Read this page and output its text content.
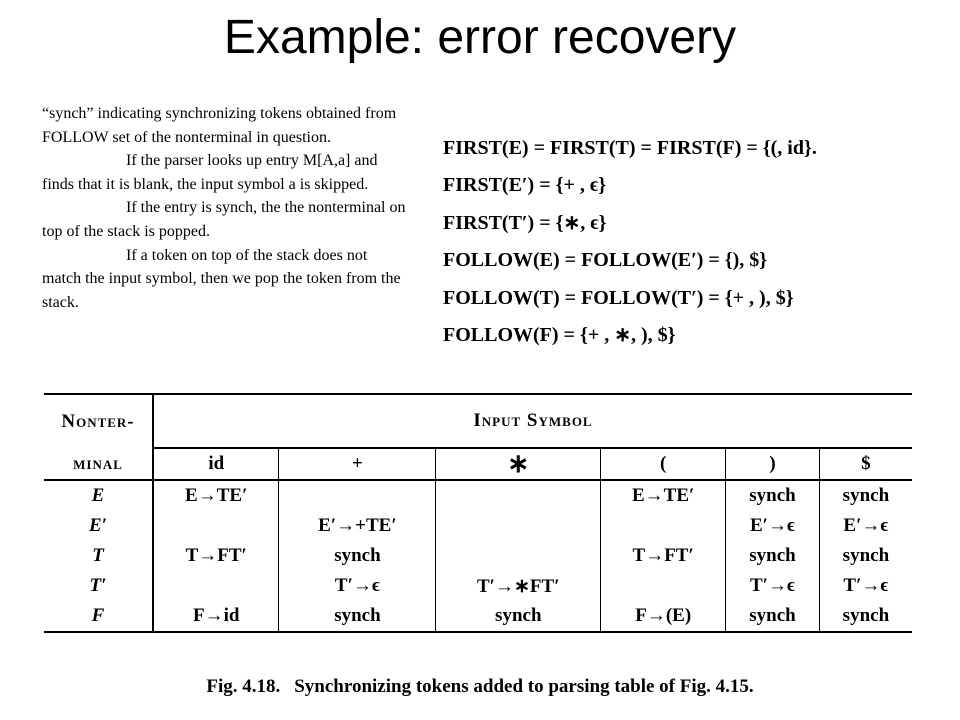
Example: error recovery

“synch” indicating synchronizing tokens obtained from FOLLOW set of the nonterminal in question.

If the parser looks up entry M[A,a] and finds that it is blank, the input symbol a is skipped.

If the entry is synch, the the nonterminal on top of the stack is popped.

If a token on top of the stack does not match the input symbol, then we pop the token from the stack.

FIRST(E) = FIRST(T) = FIRST(F) = {(, id}.
FIRST(E′) = {+ , ϵ}
FIRST(T′) = {∗, ϵ}
FOLLOW(E) = FOLLOW(E′) = {), $}
FOLLOW(T) = FOLLOW(T′) = {+ , ), $}
FOLLOW(F) = {+ , ∗, ), $}
Nonter-	Input Symbol					
minal	id	+	∗	(	)	$
E	E→TE′			E→TE′	synch	synch
E′		E′→+TE′			E′→ϵ	E′→ϵ
T	T→FT′	synch		T→FT′	synch	synch
T′		T′→ϵ	T′→∗FT′		T′→ϵ	T′→ϵ
F	F→id	synch	synch	F→(E)	synch	synch
Fig. 4.18. Synchronizing tokens added to parsing table of Fig. 4.15.
